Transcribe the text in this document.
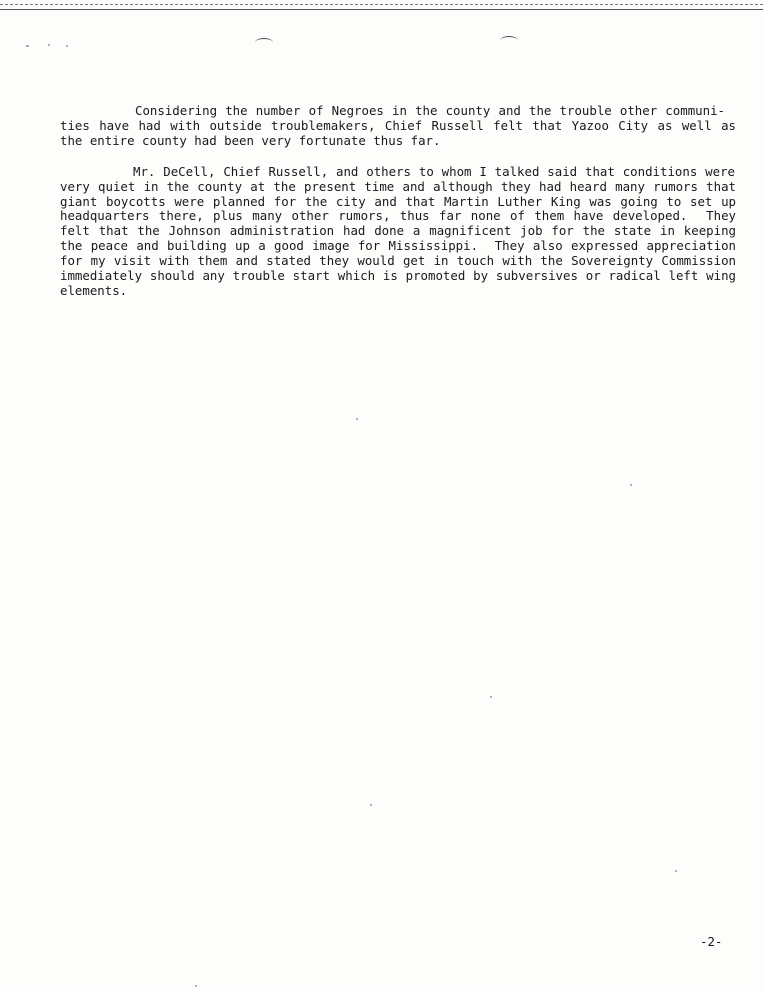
Considering the number of Negroes in the county and the trouble other communi-
ties have had with outside troublemakers, Chief Russell felt that Yazoo City as well as
the entire county had been very fortunate thus far.
Mr. DeCell, Chief Russell, and others to whom I talked said that conditions were
very quiet in the county at the present time and although they had heard many rumors that
giant boycotts were planned for the city and that Martin Luther King was going to set up
headquarters there, plus many other rumors, thus far none of them have developed.  They
felt that the Johnson administration had done a magnificent job for the state in keeping
the peace and building up a good image for Mississippi.  They also expressed appreciation
for my visit with them and stated they would get in touch with the Sovereignty Commission
immediately should any trouble start which is promoted by subversives or radical left wing
elements.
-2-
